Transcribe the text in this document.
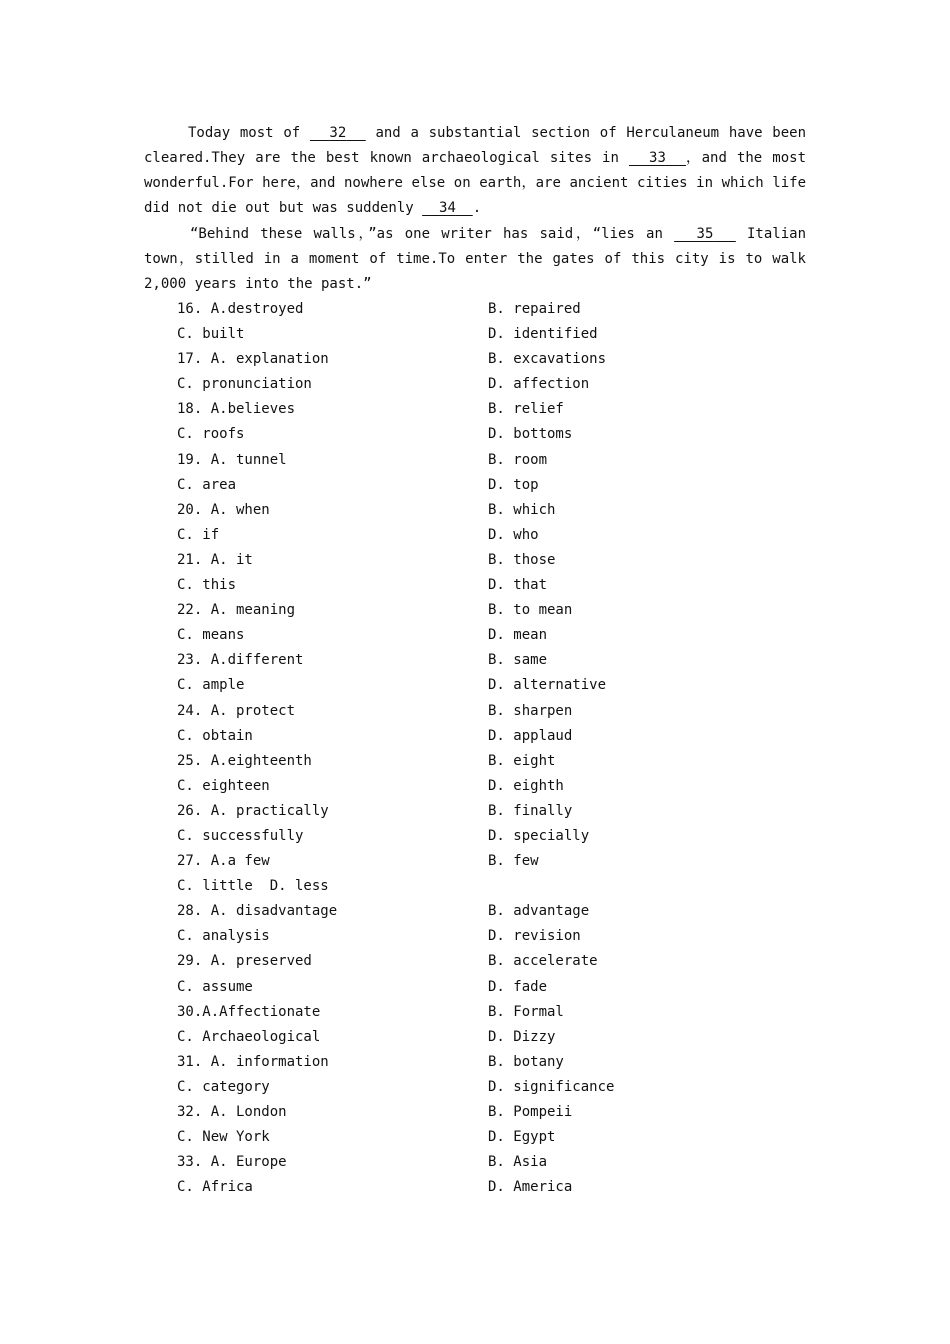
Today most of   32   and a substantial section of Herculaneum have been
cleared.They are the best known archaeological sites in   33 ，and the most
wonderful.For here，and nowhere else on earth，are ancient cities in which life
did not die out but was suddenly   34 .
“Behind these walls，”as one writer has said，“lies an   35   Italian
town，stilled in a moment of time.To enter the gates of this city is to walk
2,000 years into the past.”
16. A.destroyed	B. repaired
C. built	D. identified
17. A. explanation	B. excavations
C. pronunciation	D. affection
18. A.believes	B. relief
C. roofs	D. bottoms
19. A. tunnel	B. room
C. area	D. top
20. A. when	B. which
C. if	D. who
21. A. it	B. those
C. this	D. that
22. A. meaning	B. to mean
C. means	D. mean
23. A.different	B. same
C. ample	D. alternative
24. A. protect	B. sharpen
C. obtain	D. applaud
25. A.eighteenth	B. eight
C. eighteen	D. eighth
26. A. practically	B. finally
C. successfully	D. specially
27. A.a few	B. few
C. little  D. less
28. A. disadvantage	B. advantage
C. analysis	D. revision
29. A. preserved	B. accelerate
C. assume	D. fade
30.A.Affectionate	B. Formal
C. Archaeological	D. Dizzy
31. A. information	B. botany
C. category	D. significance
32. A. London	B. Pompeii
C. New York	D. Egypt
33. A. Europe	B. Asia
C. Africa	D. America
